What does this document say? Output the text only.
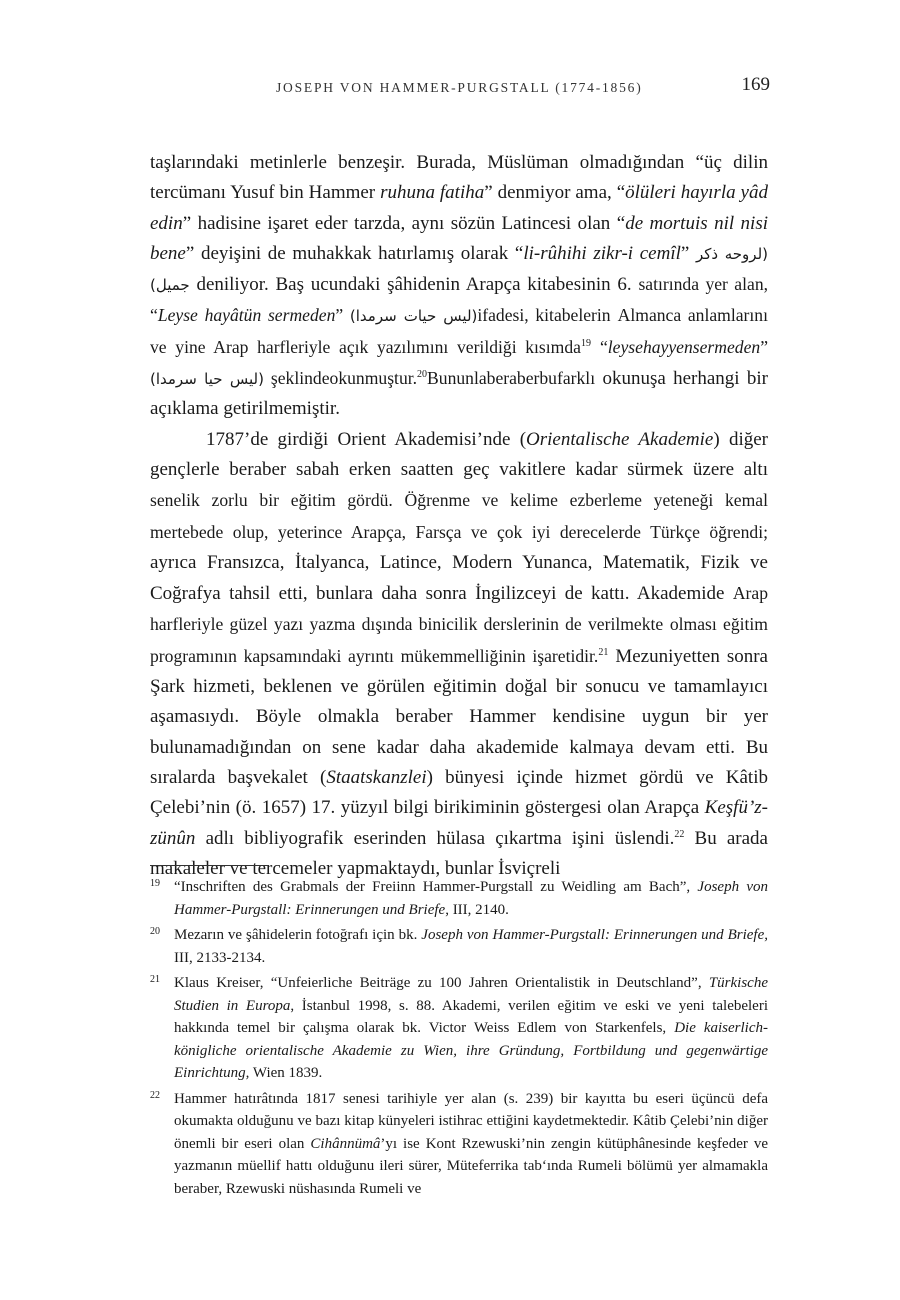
JOSEPH VON HAMMER-PURGSTALL (1774-1856)	169

taşlarındaki metinlerle benzeşir. Burada, Müslüman olmadığından “üç dilin tercümanı Yusuf bin Hammer ruhuna fatiha” denmiyor ama, “ölüleri hayırla yâd edin” hadisine işaret eder tarzda, aynı sözün Latincesi olan “de mortuis nil nisi bene” deyişini de muhakkak hatırlamış olarak “li-rûhihi zikr-i cemîl” (لروحه ذكر جميل) deniliyor. Baş ucundaki şâhidenin Arapça kitabesinin 6. satırında yer alan, “Leyse hayâtün sermeden” (ليس حيات سرمدا)ifadesi, kitabelerin Almanca anlamlarını ve yine Arap harfleriyle açık yazılımını verildiği kısımda$^{19}$ “leysehayyensermeden” (ليس حيا سرمدا) şeklindeokunmuştur.$^{20}$Bununlaberaberbufarklı okunuşa herhangi bir açıklama getirilmemiştir.

1787’de girdiği Orient Akademisi’nde (Orientalische Akademie) diğer gençlerle beraber sabah erken saatten geç vakitlere kadar sürmek üzere altı senelik zorlu bir eğitim gördü. Öğrenme ve kelime ezberleme yeteneği kemal mertebede olup, yeterince Arapça, Farsça ve çok iyi derecelerde Türkçe öğrendi; ayrıca Fransızca, İtalyanca, Latince, Modern Yunanca, Matematik, Fizik ve Coğrafya tahsil etti, bunlara daha sonra İngilizceyi de kattı. Akademide Arap harfleriyle güzel yazı yazma dışında binicilik derslerinin de verilmekte olması eğitim programının kapsamındaki ayrıntı mükemmelliğinin işaretidir.$^{21}$ Mezuniyetten sonra Şark hizmeti, beklenen ve görülen eğitimin doğal bir sonucu ve tamamlayıcı aşamasıydı. Böyle olmakla beraber Hammer kendisine uygun bir yer bulunamadığından on sene kadar daha akademide kalmaya devam etti. Bu sıralarda başvekalet (Staatskanzlei) bünyesi içinde hizmet gördü ve Kâtib Çelebi’nin (ö. 1657) 17. yüzyıl bilgi birikiminin göstergesi olan Arapça Keşfü’z-zünûn adlı bibliyografik eserinden hülasa çıkartma işini üslendi.$^{22}$ Bu arada makaleler ve tercemeler yapmaktaydı, bunlar İsviçreli

19 “Inschriften des Grabmals der Freiinn Hammer-Purgstall zu Weidling am Bach”, Joseph von Hammer-Purgstall: Erinnerungen und Briefe, III, 2140.
20 Mezarın ve şâhidelerin fotoğrafı için bk. Joseph von Hammer-Purgstall: Erinnerungen und Briefe, III, 2133-2134.
21 Klaus Kreiser, “Unfeierliche Beiträge zu 100 Jahren Orientalistik in Deutschland”, Türkische Studien in Europa, İstanbul 1998, s. 88. Akademi, verilen eğitim ve eski ve yeni talebeleri hakkında temel bir çalışma olarak bk. Victor Weiss Edlem von Starkenfels, Die kaiserlich-königliche orientalische Akademie zu Wien, ihre Gründung, Fortbildung und gegenwärtige Einrichtung, Wien 1839.
22 Hammer hatırâtında 1817 senesi tarihiyle yer alan (s. 239) bir kayıtta bu eseri üçüncü defa okumakta olduğunu ve bazı kitap künyeleri istihrac ettiğini kaydetmektedir. Kâtib Çelebi’nin diğer önemli bir eseri olan Cihânnümâ’yı ise Kont Rzewuski’nin zengin kütüphânesinde keşfeder ve yazmanın müellif hattı olduğunu ileri sürer, Müteferrika tab‘ında Rumeli bölümü yer almamakla beraber, Rzewuski nüshasında Rumeli ve
